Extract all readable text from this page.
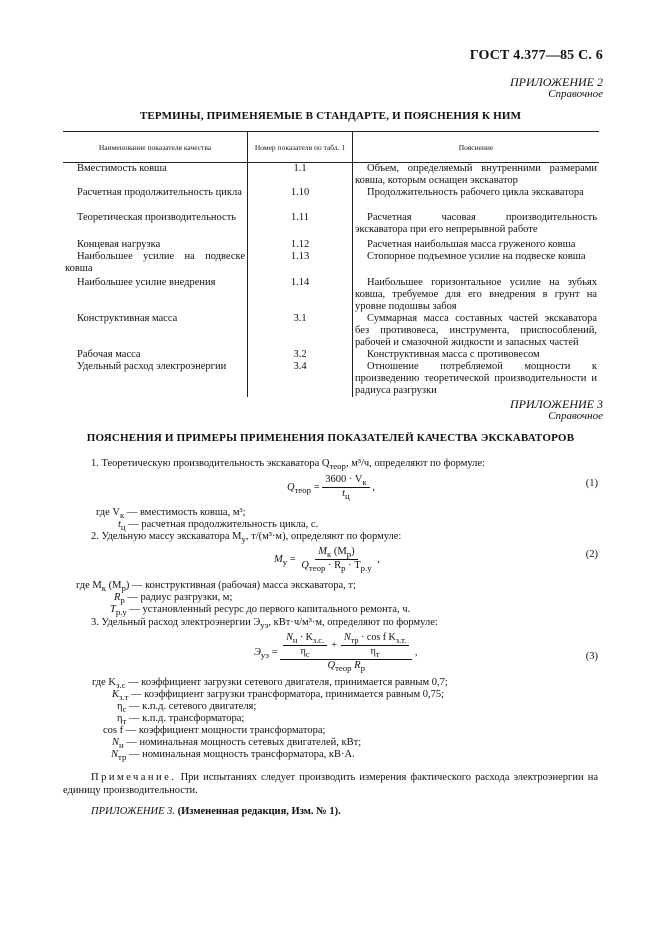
ГОСТ 4.377—85 С. 6
ПРИЛОЖЕНИЕ 2
Справочное
ТЕРМИНЫ, ПРИМЕНЯЕМЫЕ В СТАНДАРТЕ, И ПОЯСНЕНИЯ К НИМ
Наименование показателя качества	Номер показателя по табл. 1	Пояснение

Вместимость ковша	1.1	Объем, определяемый внутренними размерами ковша, которым оснащен экскаватор

Расчетная продолжительность цикла	1.10	Продолжительность рабочего цикла экскаватора

Теоретическая производительность	1.11	Расчетная часовая производительность экскаватора при его непрерывной работе

Концевая нагрузка	1.12	Расчетная наибольшая масса груженого ковша

Наибольшее усилие на подвеске ковша	1.13	Стопорное подъемное усилие на подвеске ковша

Наибольшее усилие внедрения	1.14	Наибольшее горизонтальное усилие на зубьях ковша, требуемое для его внедрения в грунт на уровне подошвы забоя

Конструктивная масса	3.1	Суммарная масса составных частей экскаватора без противовеса, инструмента, приспособлений, рабочей и смазочной жидкости и запасных частей

Рабочая масса	3.2	Конструктивная масса с противовесом

Удельный расход электроэнергии	3.4	Отношение потребляемой мощности к произведению теоретической производительности и радиуса разгрузки
ПРИЛОЖЕНИЕ 3
Справочное
ПОЯСНЕНИЯ И ПРИМЕРЫ ПРИМЕНЕНИЯ ПОКАЗАТЕЛЕЙ КАЧЕСТВА ЭКСКАВАТОРОВ
1. Теоретическую производительность экскаватора $Q_{теор}$, м³/ч, определяют по формуле:
$Q_{теор} = \frac{3600 \cdot V_к}{t_ц}$ ,	(1)
где $V_к$ — вместимость ковша, м³;
$t_ц$ — расчетная продолжительность цикла, с.
2. Удельную массу экскаватора $M_у$, т/(м³·м), определяют по формуле:
$M_у = \frac{M_к (M_р)}{Q_{теор} \cdot R_р \cdot T_{р.у}}$ ,	(2)
где $M_к$ $(M_р)$ — конструктивная (рабочая) масса экскаватора, т;
$R_р$ — радиус разгрузки, м;
$T_{р.у}$ — установленный ресурс до первого капитального ремонта, ч.
3. Удельный расход электроэнергии $Э_{уэ}$, кВт·ч/м³·м, определяют по формуле:
$Э_{уэ} = \frac{\frac{N_н \cdot K_{з.с.}}{\eta_с} + \frac{N_{тр} \cdot \cos f K_{з.т.}}{\eta_т}}{Q_{теор} R_р}$ ,	(3)
где $K_{з.с}$ — коэффициент загрузки сетевого двигателя, принимается равным 0,7;
$K_{з.т}$ — коэффициент загрузки трансформатора, принимается равным 0,75;
$\eta_с$ — к.п.д. сетевого двигателя;
$\eta_т$ — к.п.д. трансформатора;
cos f — коэффициент мощности трансформатора;
$N_н$ — номинальная мощность сетевых двигателей, кВт;
$N_{тр}$ — номинальная мощность трансформатора, кВ·А.
Примечание. При испытаниях следует производить измерения фактического расхода электроэнергии на единицу производительности.
ПРИЛОЖЕНИЕ 3. (Измененная редакция, Изм. № 1).
